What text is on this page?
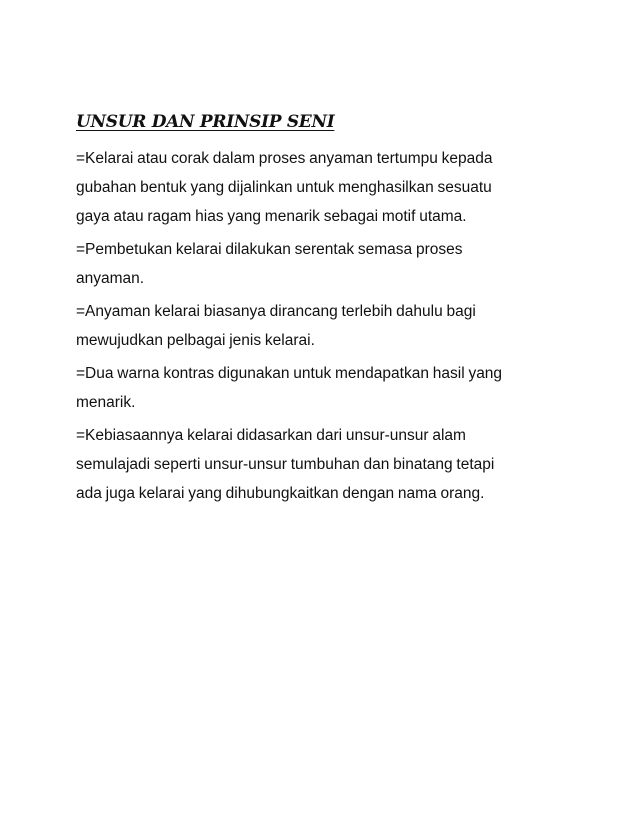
UNSUR DAN PRINSIP SENI
=Kelarai atau corak dalam proses anyaman tertumpu kepada
gubahan bentuk yang dijalinkan untuk menghasilkan sesuatu
gaya atau ragam hias yang menarik sebagai motif utama.
=Pembetukan kelarai dilakukan serentak semasa proses
anyaman.
=Anyaman kelarai biasanya dirancang terlebih dahulu bagi
mewujudkan pelbagai jenis kelarai.
=Dua warna kontras digunakan untuk mendapatkan hasil yang
menarik.
=Kebiasaannya kelarai didasarkan dari unsur-unsur alam
semulajadi seperti unsur-unsur tumbuhan dan binatang tetapi
ada juga kelarai yang dihubungkaitkan dengan nama orang.
